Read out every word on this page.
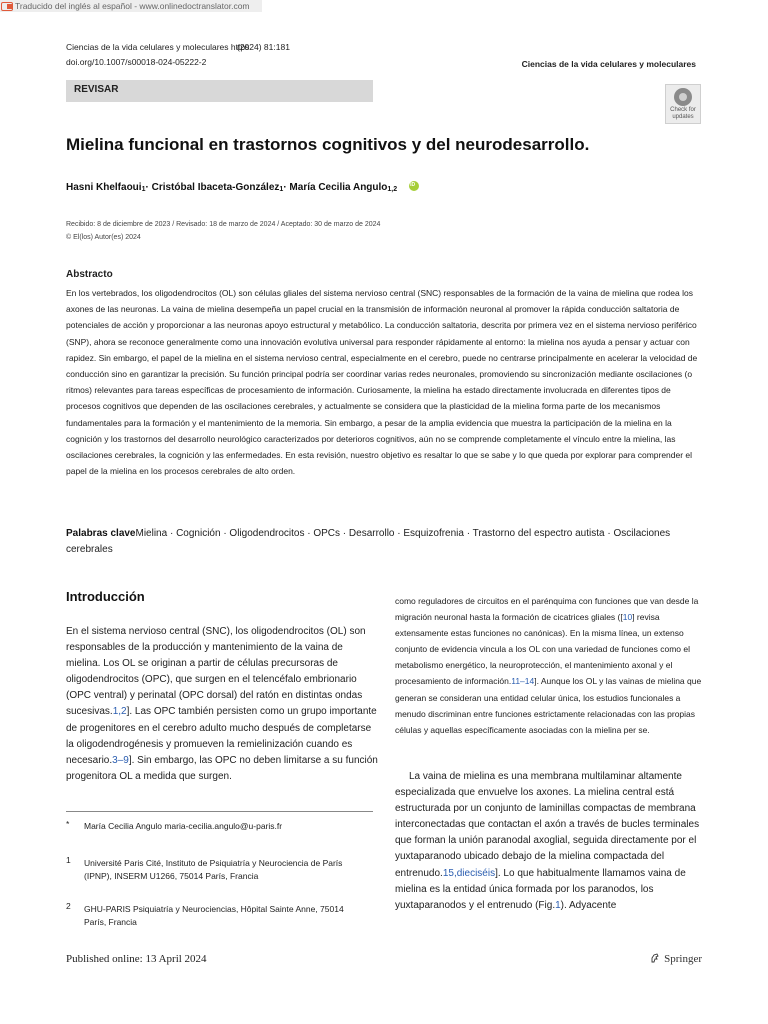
Traducido del inglés al español - www.onlinedoctranslator.com
Ciencias de la vida celulares y moleculares https
(2024) 81:181
doi.org/10.1007/s00018-024-05222-2	Ciencias de la vida celulares y moleculares
REVISAR
Check for updates
Mielina funcional en trastornos cognitivos y del neurodesarrollo.
Hasni Khelfaoui$_1$· Cristóbal Ibaceta-González$_1$· María Cecilia Angulo$_{1,2}$iD
Recibido: 8 de diciembre de 2023 / Revisado: 18 de marzo de 2024 / Aceptado: 30 de marzo de 2024
© El(los) Autor(es) 2024
Abstracto

En los vertebrados, los oligodendrocitos (OL) son células gliales del sistema nervioso central (SNC) responsables de la formación de la vaina de mielina que rodea los axones de las neuronas. La vaina de mielina desempeña un papel crucial en la transmisión de información neuronal al promover la rápida conducción saltatoria de potenciales de acción y proporcionar a las neuronas apoyo estructural y metabólico. La conducción saltatoria, descrita por primera vez en el sistema nervioso periférico (SNP), ahora se reconoce generalmente como una innovación evolutiva universal para responder rápidamente al entorno: la mielina nos ayuda a pensar y actuar con rapidez. Sin embargo, el papel de la mielina en el sistema nervioso central, especialmente en el cerebro, puede no centrarse principalmente en acelerar la velocidad de conducción sino en garantizar la precisión. Su función principal podría ser coordinar varias redes neuronales, promoviendo su sincronización mediante oscilaciones (o ritmos) relevantes para tareas específicas de procesamiento de información. Curiosamente, la mielina ha estado directamente involucrada en diferentes tipos de procesos cognitivos que dependen de las oscilaciones cerebrales, y actualmente se considera que la plasticidad de la mielina forma parte de los mecanismos fundamentales para la formación y el mantenimiento de la memoria. Sin embargo, a pesar de la amplia evidencia que muestra la participación de la mielina en la cognición y los trastornos del desarrollo neurológico caracterizados por deterioros cognitivos, aún no se comprende completamente el vínculo entre la mielina, las oscilaciones cerebrales, la cognición y las enfermedades. En esta revisión, nuestro objetivo es resaltar lo que se sabe y lo que queda por explorar para comprender el papel de la mielina en los procesos cerebrales de alto orden.

Palabras claveMielina · Cognición · Oligodendrocitos · OPCs · Desarrollo · Esquizofrenia · Trastorno del espectro autista · Oscilaciones cerebrales
Introducción

En el sistema nervioso central (SNC), los oligodendrocitos (OL) son responsables de la producción y mantenimiento de la vaina de mielina. Los OL se originan a partir de células precursoras de oligodendrocitos (OPC), que surgen en el telencéfalo embrionario (OPC ventral) y perinatal (OPC dorsal) del ratón en distintas ondas sucesivas.1,2]. Las OPC también persisten como un grupo importante de progenitores en el cerebro adulto mucho después de completarse la oligodendrogénesis y promueven la remielinización cuando es necesario.3–9]. Sin embargo, las OPC no deben limitarse a su función progenitora OL a medida que surgen.

* María Cecilia Angulo maria-cecilia.angulo@u-paris.fr
1 Université Paris Cité, Instituto de Psiquiatría y Neurociencia de París (IPNP), INSERM U1266, 75014 París, Francia
2 GHU-PARIS Psiquiatría y Neurociencias, Hôpital Sainte Anne, 75014 París, Francia

como reguladores de circuitos en el parénquima con funciones que van desde la migración neuronal hasta la formación de cicatrices gliales ([10] revisa extensamente estas funciones no canónicas). En la misma línea, un extenso conjunto de evidencia vincula a los OL con una variedad de funciones como el metabolismo energético, la neuroprotección, el mantenimiento axonal y el procesamiento de información.11–14]. Aunque los OL y las vainas de mielina que generan se consideran una entidad celular única, los estudios funcionales a menudo discriminan entre funciones estrictamente relacionadas con las propias células y aquellas específicamente asociadas con la mielina per se.

La vaina de mielina es una membrana multilaminar altamente especializada que envuelve los axones. La mielina central está estructurada por un conjunto de laminillas compactas de membrana interconectadas que contactan el axón a través de bucles terminales que forman la unión paranodal axoglial, seguida directamente por el yuxtaparanodo ubicado debajo de la mielina compactada del entrenudo.15,dieciséis]. Lo que habitualmente llamamos vaina de mielina es la entidad única formada por los paranodos, los yuxtaparanodos y el entrenudo (Fig.1). Adyacente

Published online: 13 April 2024	Springer
